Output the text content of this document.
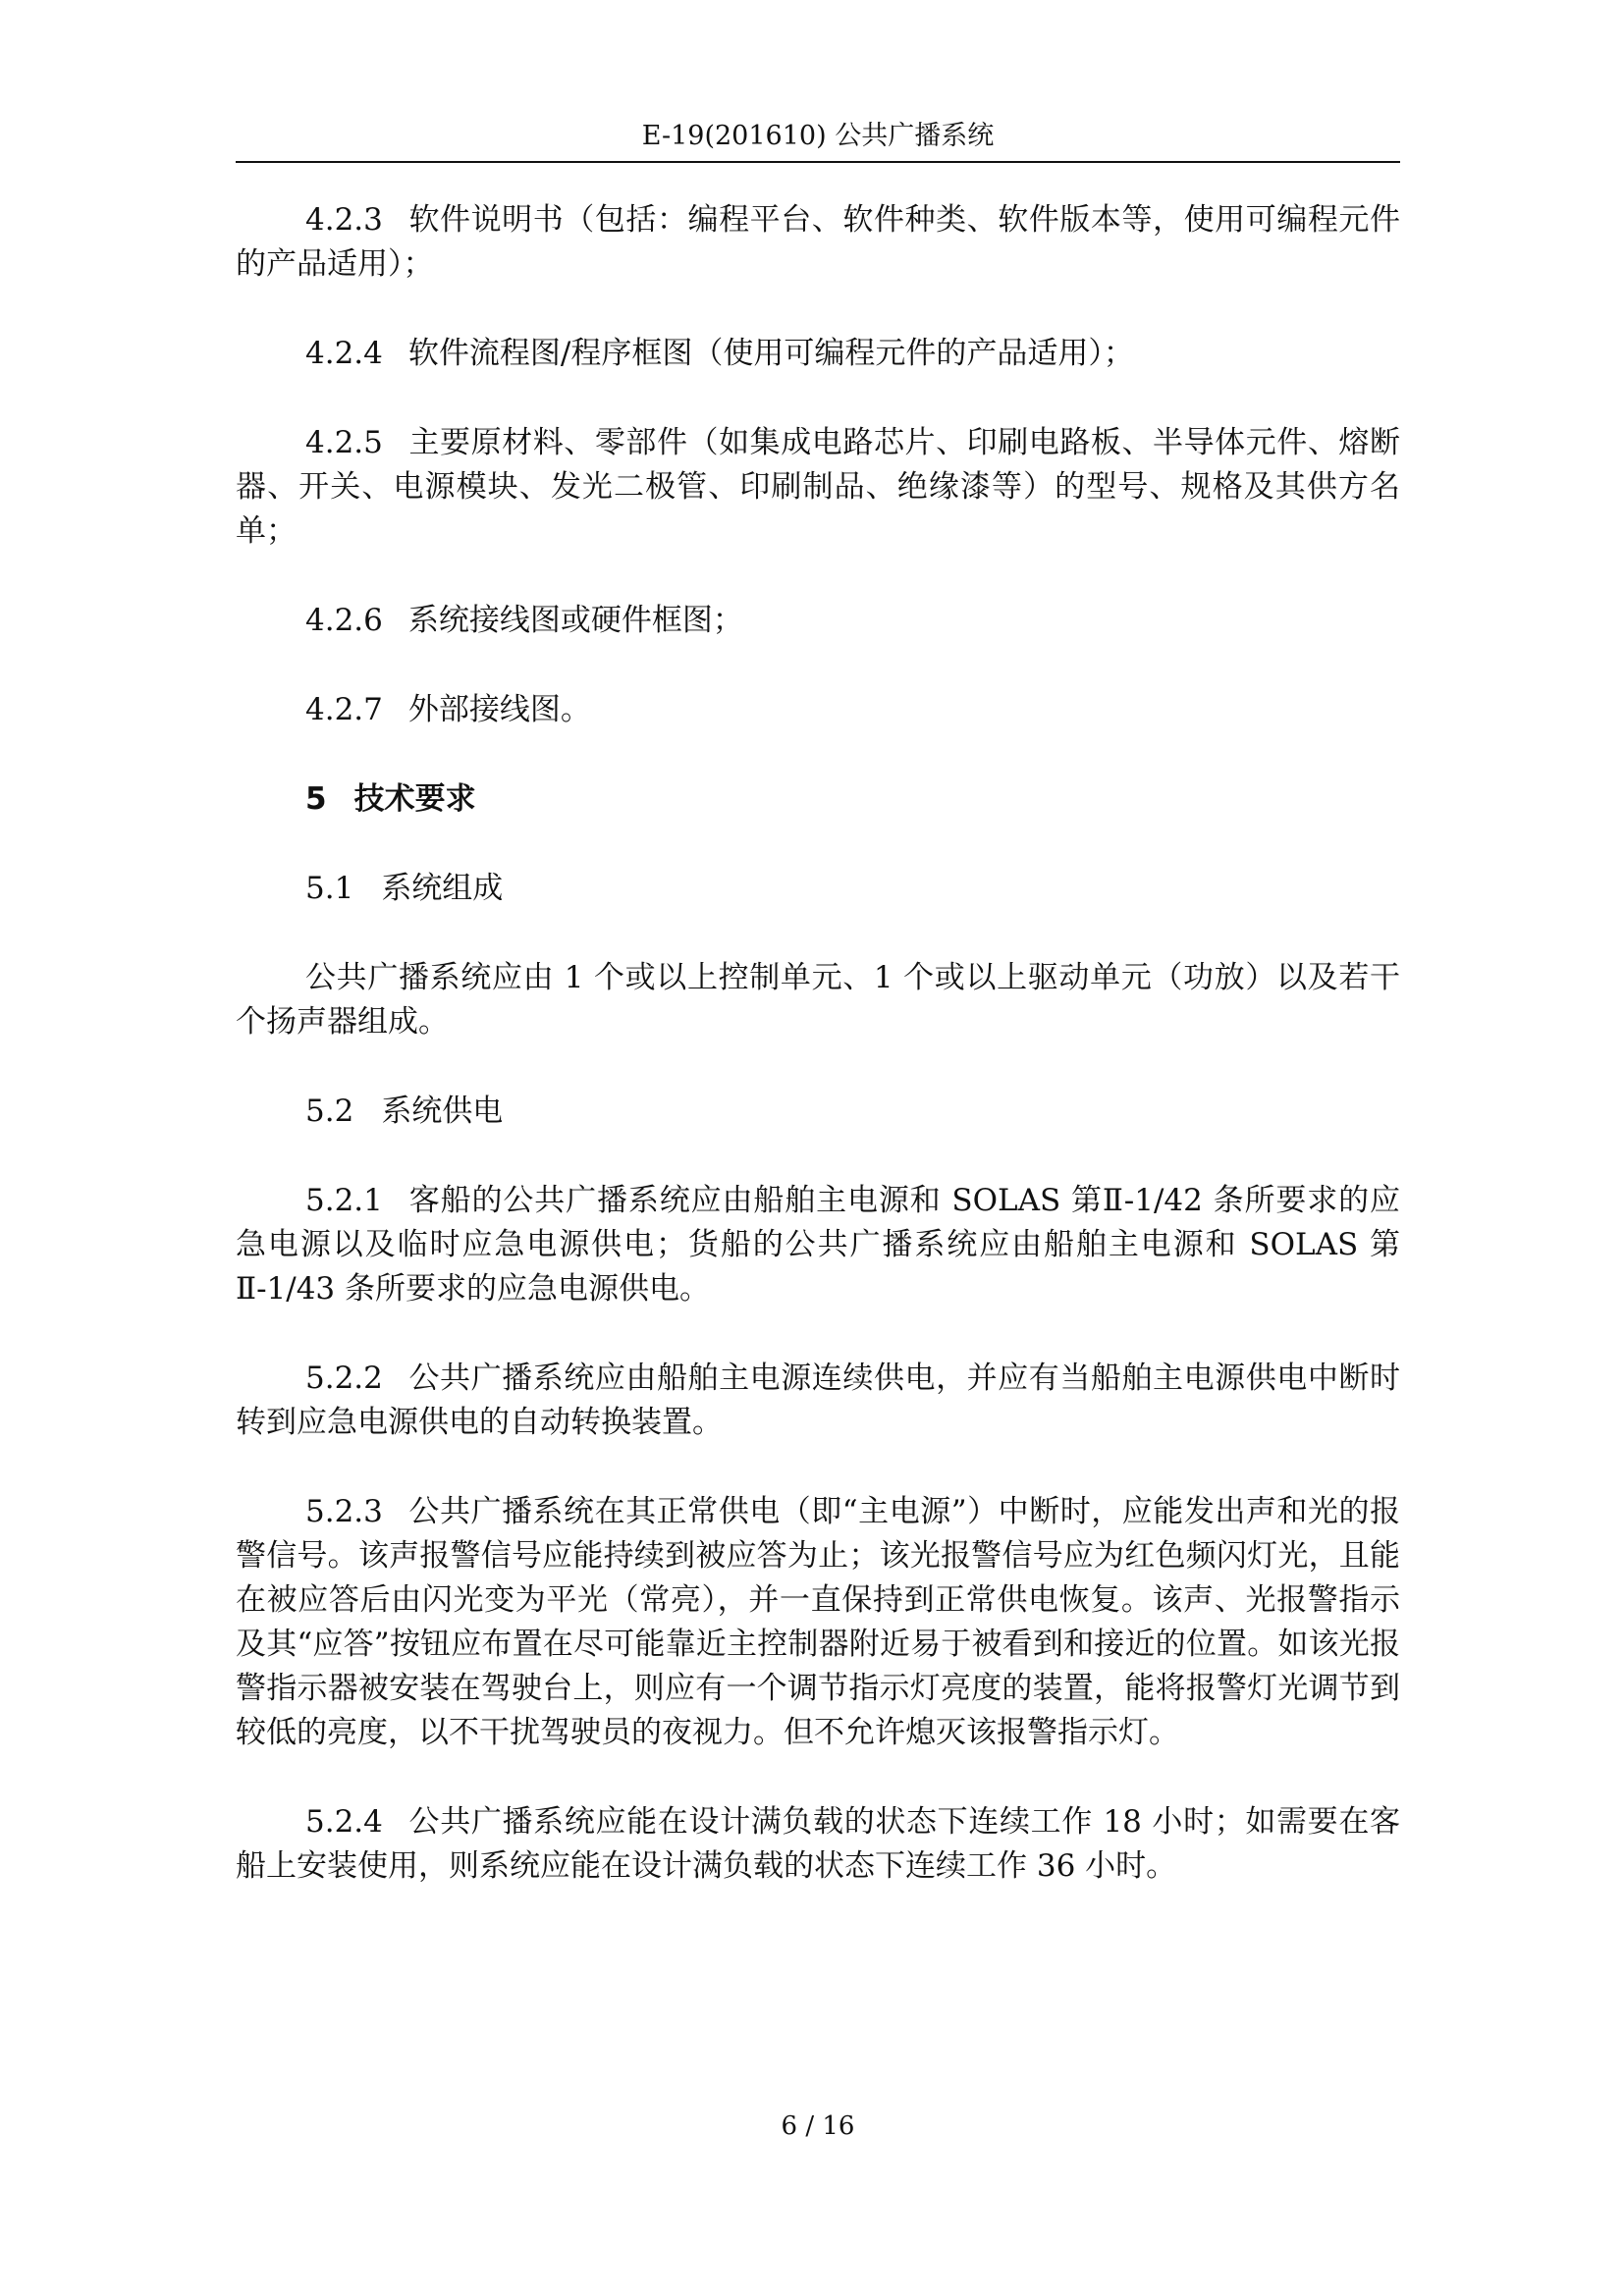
E-19(201610) 公共广播系统

4.2.3 软件说明书（包括：编程平台、软件种类、软件版本等，使用可编程元件的产品适用）；

4.2.4 软件流程图/程序框图（使用可编程元件的产品适用）；

4.2.5 主要原材料、零部件（如集成电路芯片、印刷电路板、半导体元件、熔断器、开关、电源模块、发光二极管、印刷制品、绝缘漆等）的型号、规格及其供方名单；

4.2.6 系统接线图或硬件框图；

4.2.7 外部接线图。

5 技术要求
5.1 系统组成

公共广播系统应由 1 个或以上控制单元、1 个或以上驱动单元（功放）以及若干个扬声器组成。

5.2 系统供电

5.2.1 客船的公共广播系统应由船舶主电源和 SOLAS 第Ⅱ-1/42 条所要求的应急电源以及临时应急电源供电；货船的公共广播系统应由船舶主电源和 SOLAS 第Ⅱ-1/43 条所要求的应急电源供电。

5.2.2 公共广播系统应由船舶主电源连续供电，并应有当船舶主电源供电中断时转到应急电源供电的自动转换装置。

5.2.3 公共广播系统在其正常供电（即“主电源”）中断时，应能发出声和光的报警信号。该声报警信号应能持续到被应答为止；该光报警信号应为红色频闪灯光，且能在被应答后由闪光变为平光（常亮），并一直保持到正常供电恢复。该声、光报警指示及其“应答”按钮应布置在尽可能靠近主控制器附近易于被看到和接近的位置。如该光报警指示器被安装在驾驶台上，则应有一个调节指示灯亮度的装置，能将报警灯光调节到较低的亮度，以不干扰驾驶员的夜视力。但不允许熄灭该报警指示灯。

5.2.4 公共广播系统应能在设计满负载的状态下连续工作 18 小时；如需要在客船上安装使用，则系统应能在设计满负载的状态下连续工作 36 小时。

6 / 16
